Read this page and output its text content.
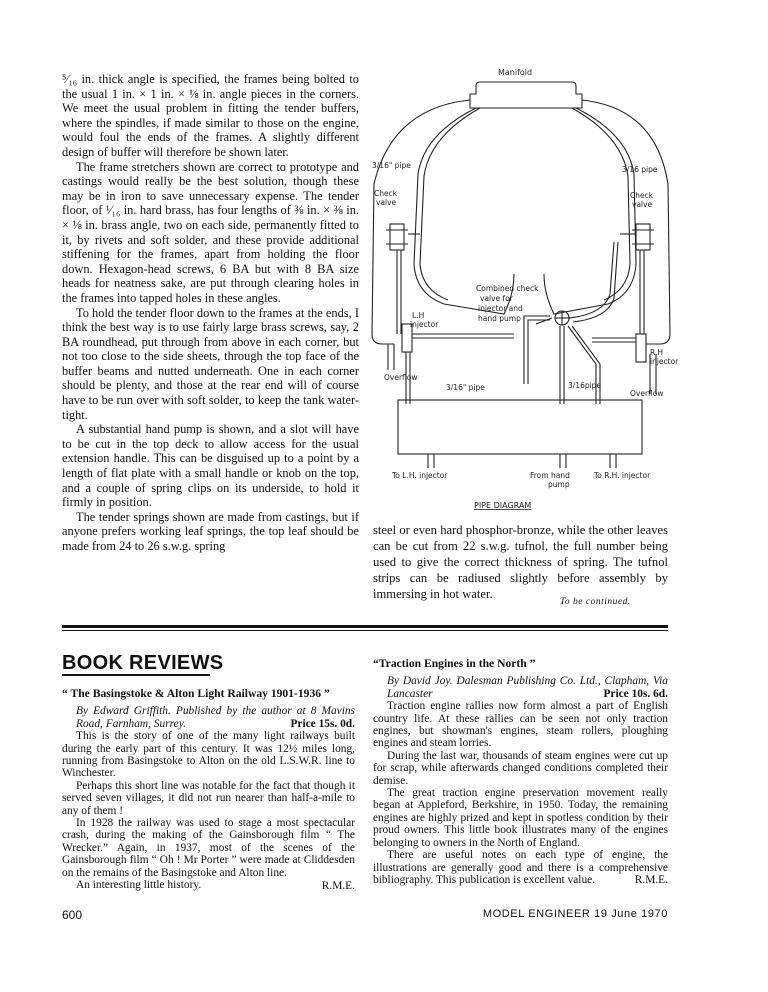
⁵⁄₁₆ in. thick angle is specified, the frames being bolted to the usual 1 in. × 1 in. × ⅛ in. angle pieces in the corners. We meet the usual problem in fitting the tender buffers, where the spindles, if made similar to those on the engine, would foul the ends of the frames. A slightly different design of buffer will therefore be shown later.

The frame stretchers shown are correct to prototype and castings would really be the best solution, though these may be in iron to save unnecessary expense. The tender floor, of ¹⁄₁₆ in. hard brass, has four lengths of ⅜ in. × ⅜ in. × ⅛ in. brass angle, two on each side, permanently fitted to it, by rivets and soft solder, and these provide additional stiffening for the frames, apart from holding the floor down. Hexagon-head screws, 6 BA but with 8 BA size heads for neatness sake, are put through clearing holes in the frames into tapped holes in these angles.

To hold the tender floor down to the frames at the ends, I think the best way is to use fairly large brass screws, say, 2 BA roundhead, put through from above in each corner, but not too close to the side sheets, through the top face of the buffer beams and nutted underneath. One in each corner should be plenty, and those at the rear end will of course have to be run over with soft solder, to keep the tank water-tight.

A substantial hand pump is shown, and a slot will have to be cut in the top deck to allow access for the usual extension handle. This can be disguised up to a point by a length of flat plate with a small handle or knob on the top, and a couple of spring clips on its underside, to hold it firmly in position.

The tender springs shown are made from castings, but if anyone prefers working leaf springs, the top leaf should be made from 24 to 26 s.w.g. spring

Manifold
3/16" pipe	3/16 pipe
Check
valve
Check
valve
Combined check
valve for
injector and
hand pump
L.H
injector
R.H
injector
Overflow
Overflow
3/16" pipe	3/16pipe
To L.H. injector	From hand
pump
To R.H. injector
PIPE DIAGRAM

steel or even hard phosphor-bronze, while the other leaves can be cut from 22 s.w.g. tufnol, the full number being used to give the correct thickness of spring. The tufnol strips can be radiused slightly before assembly by immersing in hot water.

To be continued.
BOOK REVIEWS
“ The Basingstoke & Alton Light Railway 1901-1936 ”
By Edward Griffith. Published by the author at 8 Mavins Road, Farnham, Surrey.	Price 15s. 0d.

This is the story of one of the many light railways built during the early part of this century. It was 12½ miles long, running from Basingstoke to Alton on the old L.S.W.R. line to Winchester.

Perhaps this short line was notable for the fact that though it served seven villages, it did not run nearer than half-a-mile to any of them !

In 1928 the railway was used to stage a most spectacular crash, during the making of the Gainsborough film “ The Wrecker.” Again, in 1937, most of the scenes of the Gainsborough film “ Oh ! Mr Porter ” were made at Cliddesden on the remains of the Basingstoke and Alton line.

An interesting little history.	R.M.E.
“Traction Engines in the North ”
By David Joy. Dalesman Publishing Co. Ltd., Clapham, Via Lancaster	Price 10s. 6d.

Traction engine rallies now form almost a part of English country life. At these rallies can be seen not only traction engines, but showman's engines, steam rollers, ploughing engines and steam lorries.

During the last war, thousands of steam engines were cut up for scrap, while afterwards changed conditions completed their demise.

The great traction engine preservation movement really began at Appleford, Berkshire, in 1950. Today, the remaining engines are highly prized and kept in spotless condition by their proud owners. This little book illustrates many of the engines belonging to owners in the North of England.

There are useful notes on each type of engine, the illustrations are generally good and there is a comprehensive bibliography. This publication is excellent value.	R.M.E.
600	MODEL ENGINEER 19 June 1970
